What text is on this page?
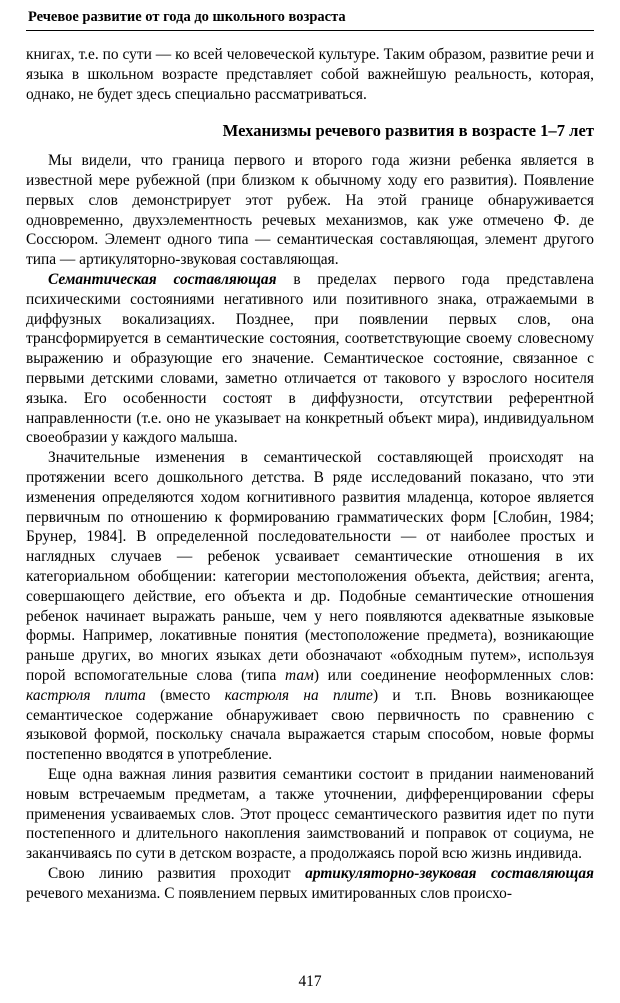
Речевое развитие от года до школьного возраста

книгах, т.е. по сути — ко всей человеческой культуре. Таким образом, развитие речи и языка в школьном возрасте представляет собой важнейшую реальность, которая, однако, не будет здесь специально рассматриваться.

Механизмы речевого развития в возрасте 1–7 лет

Мы видели, что граница первого и второго года жизни ребенка является в известной мере рубежной (при близком к обычному ходу его развития). Появление первых слов демонстрирует этот рубеж. На этой границе обнаруживается одновременно, двухэлементность речевых механизмов, как уже отмечено Ф. де Соссюром. Элемент одного типа — семантическая составляющая, элемент другого типа — артикуляторно-звуковая составляющая.

Семантическая составляющая в пределах первого года представлена психическими состояниями негативного или позитивного знака, отражаемыми в диффузных вокализациях. Позднее, при появлении первых слов, она трансформируется в семантические состояния, соответствующие своему словесному выражению и образующие его значение. Семантическое состояние, связанное с первыми детскими словами, заметно отличается от такового у взрослого носителя языка. Его особенности состоят в диффузности, отсутствии референтной направленности (т.е. оно не указывает на конкретный объект мира), индивидуальном своеобразии у каждого малыша.

Значительные изменения в семантической составляющей происходят на протяжении всего дошкольного детства. В ряде исследований показано, что эти изменения определяются ходом когнитивного развития младенца, которое является первичным по отношению к формированию грамматических форм [Слобин, 1984; Брунер, 1984]. В определенной последовательности — от наиболее простых и наглядных случаев — ребенок усваивает семантические отношения в их категориальном обобщении: категории местоположения объекта, действия; агента, совершающего действие, его объекта и др. Подобные семантические отношения ребенок начинает выражать раньше, чем у него появляются адекватные языковые формы. Например, локативные понятия (местоположение предмета), возникающие раньше других, во многих языках дети обозначают «обходным путем», используя порой вспомогательные слова (типа там) или соединение неоформленных слов: кастрюля плита (вместо кастрюля на плите) и т.п. Вновь возникающее семантическое содержание обнаруживает свою первичность по сравнению с языковой формой, поскольку сначала выражается старым способом, новые формы постепенно вводятся в употребление.

Еще одна важная линия развития семантики состоит в придании наименований новым встречаемым предметам, а также уточнении, дифференцировании сферы применения усваиваемых слов. Этот процесс семантического развития идет по пути постепенного и длительного накопления заимствований и поправок от социума, не заканчиваясь по сути в детском возрасте, а продолжаясь порой всю жизнь индивида.

Свою линию развития проходит артикуляторно-звуковая составляющая речевого механизма. С появлением первых имитированных слов происхо-

417
